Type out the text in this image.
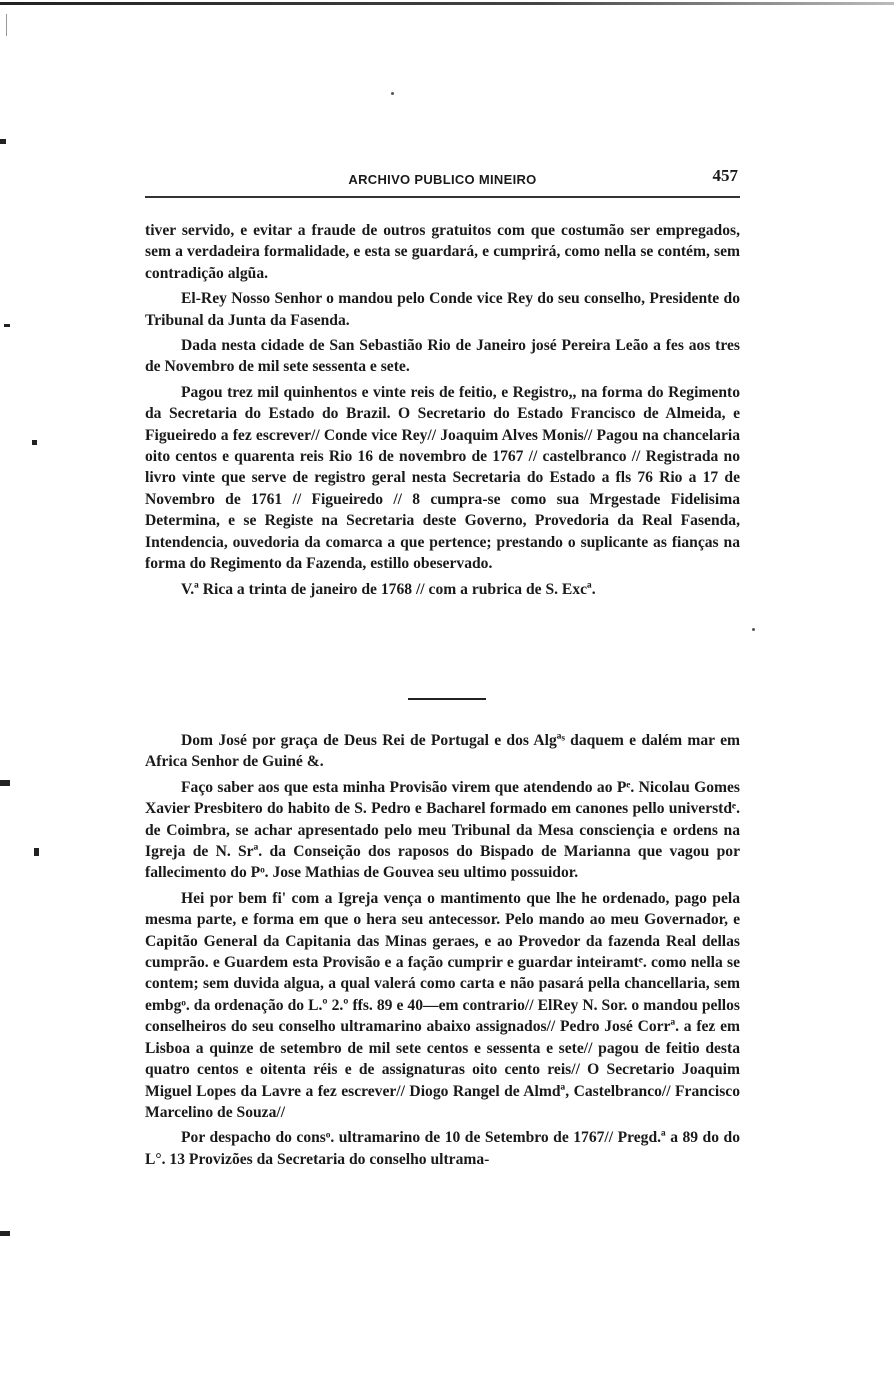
ARCHIVO PUBLICO MINEIRO	457

tiver servido, e evitar a fraude de outros gratuitos com que costumão ser empregados, sem a verdadeira formalidade, e esta se guardará, e cumprirá, como nella se contém, sem contradição algũa.

El-Rey Nosso Senhor o mandou pelo Conde vice Rey do seu conselho, Presidente do Tribunal da Junta da Fasenda.

Dada nesta cidade de San Sebastião Rio de Janeiro josé Pereira Leão a fes aos tres de Novembro de mil sete sessenta e sete.

Pagou trez mil quinhentos e vinte reis de feitio, e Registro,, na forma do Regimento da Secretaria do Estado do Brazil. O Secretario do Estado Francisco de Almeida, e Figueiredo a fez escrever// Conde vice Rey// Joaquim Alves Monis// Pagou na chancelaria oito centos e quarenta reis Rio 16 de novembro de 1767 // castelbranco // Registrada no livro vinte que serve de registro geral nesta Secretaria do Estado a fls 76 Rio a 17 de Novembro de 1761 // Figueiredo // 8 cumpra-se como sua Mrgestade Fidelisima Determina, e se Registe na Secretaria deste Governo, Provedoria da Real Fasenda, Intendencia, ouvedoria da comarca a que pertence; prestando o suplicante as fianças na forma do Regimento da Fazenda, estillo obeservado.

V.ª Rica a trinta de janeiro de 1768 // com a rubrica de S. Excª.

Dom José por graça de Deus Rei de Portugal e dos Algªˢ daquem e dalém mar em Africa Senhor de Guiné &.

Faço saber aos que esta minha Provisão virem que atendendo ao Pᵉ. Nicolau Gomes Xavier Presbitero do habito de S. Pedro e Bacharel formado em canones pello universtdᵉ. de Coimbra, se achar apresentado pelo meu Tribunal da Mesa consciençia e ordens na Igreja de N. Srª. da Conseição dos raposos do Bispado de Marianna que vagou por fallecimento do Pᵒ. Jose Mathias de Gouvea seu ultimo possuidor.

Hei por bem fi' com a Igreja vença o mantimento que lhe he ordenado, pago pela mesma parte, e forma em que o hera seu antecessor. Pelo mando ao meu Governador, e Capitão General da Capitania das Minas geraes, e ao Provedor da fazenda Real dellas cumprão. e Guardem esta Provisão e a fação cumprir e guardar inteiramtᵉ. como nella se contem; sem duvida algua, a qual valerá como carta e não pasará pella chancellaria, sem embgᵒ. da ordenação do L.º 2.º ffs. 89 e 40—em contrario// ElRey N. Sor. o mandou pellos conselheiros do seu conselho ultramarino abaixo assignados// Pedro José Corrª. a fez em Lisboa a quinze de setembro de mil sete centos e sessenta e sete// pagou de feitio desta quatro centos e oitenta réis e de assignaturas oito cento reis// O Secretario Joaquim Miguel Lopes da Lavre a fez escrever// Diogo Rangel de Almdª, Castelbranco// Francisco Marcelino de Souza//

Por despacho do consᵒ. ultramarino de 10 de Setembro de 1767// Pregd.ª a 89 do do L°. 13 Provizões da Secretaria do conselho ultrama-
